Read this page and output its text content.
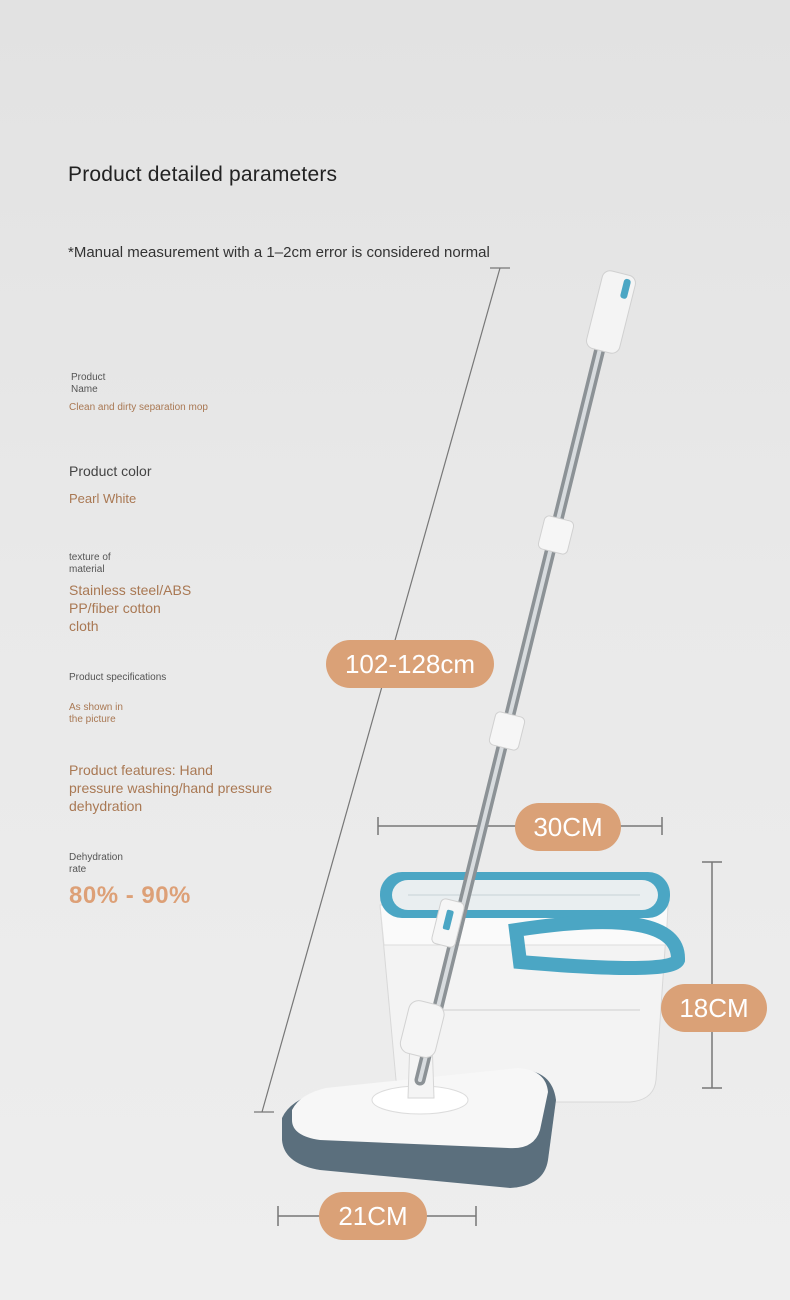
Product detailed parameters
*Manual measurement with a 1–2cm error is considered normal
Product
Name
Clean and dirty separation mop
Product color
Pearl White
texture of
material
Stainless steel/ABS
PP/fiber cotton
cloth
Product specifications
As shown in the picture
Product features: Hand
pressure washing/hand pressure
dehydration
Dehydration
rate
80% - 90%
102-128cm
30CM
18CM
21CM
